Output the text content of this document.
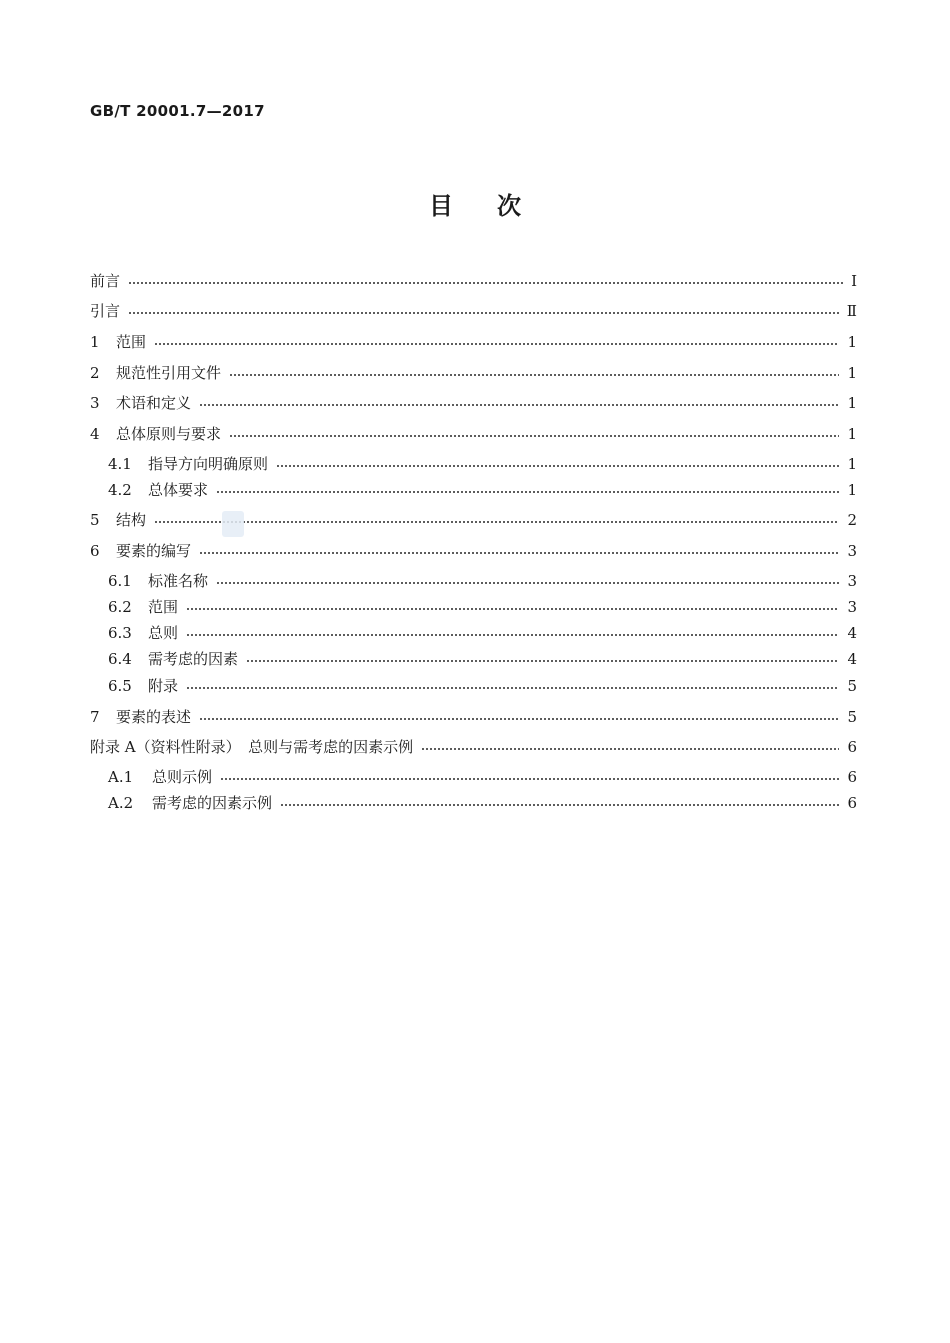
GB/T 20001.7—2017
目次
前言	Ⅰ
引言	Ⅱ
1 范围	1
2 规范性引用文件	1
3 术语和定义	1
4 总体原则与要求	1
4.1 指导方向明确原则	1
4.2 总体要求	1
5 结构	2
6 要素的编写	3
6.1 标准名称	3
6.2 范围	3
6.3 总则	4
6.4 需考虑的因素	4
6.5 附录	5
7 要素的表述	5
附录 A（资料性附录）　总则与需考虑的因素示例	6
A.1 总则示例	6
A.2 需考虑的因素示例	6
